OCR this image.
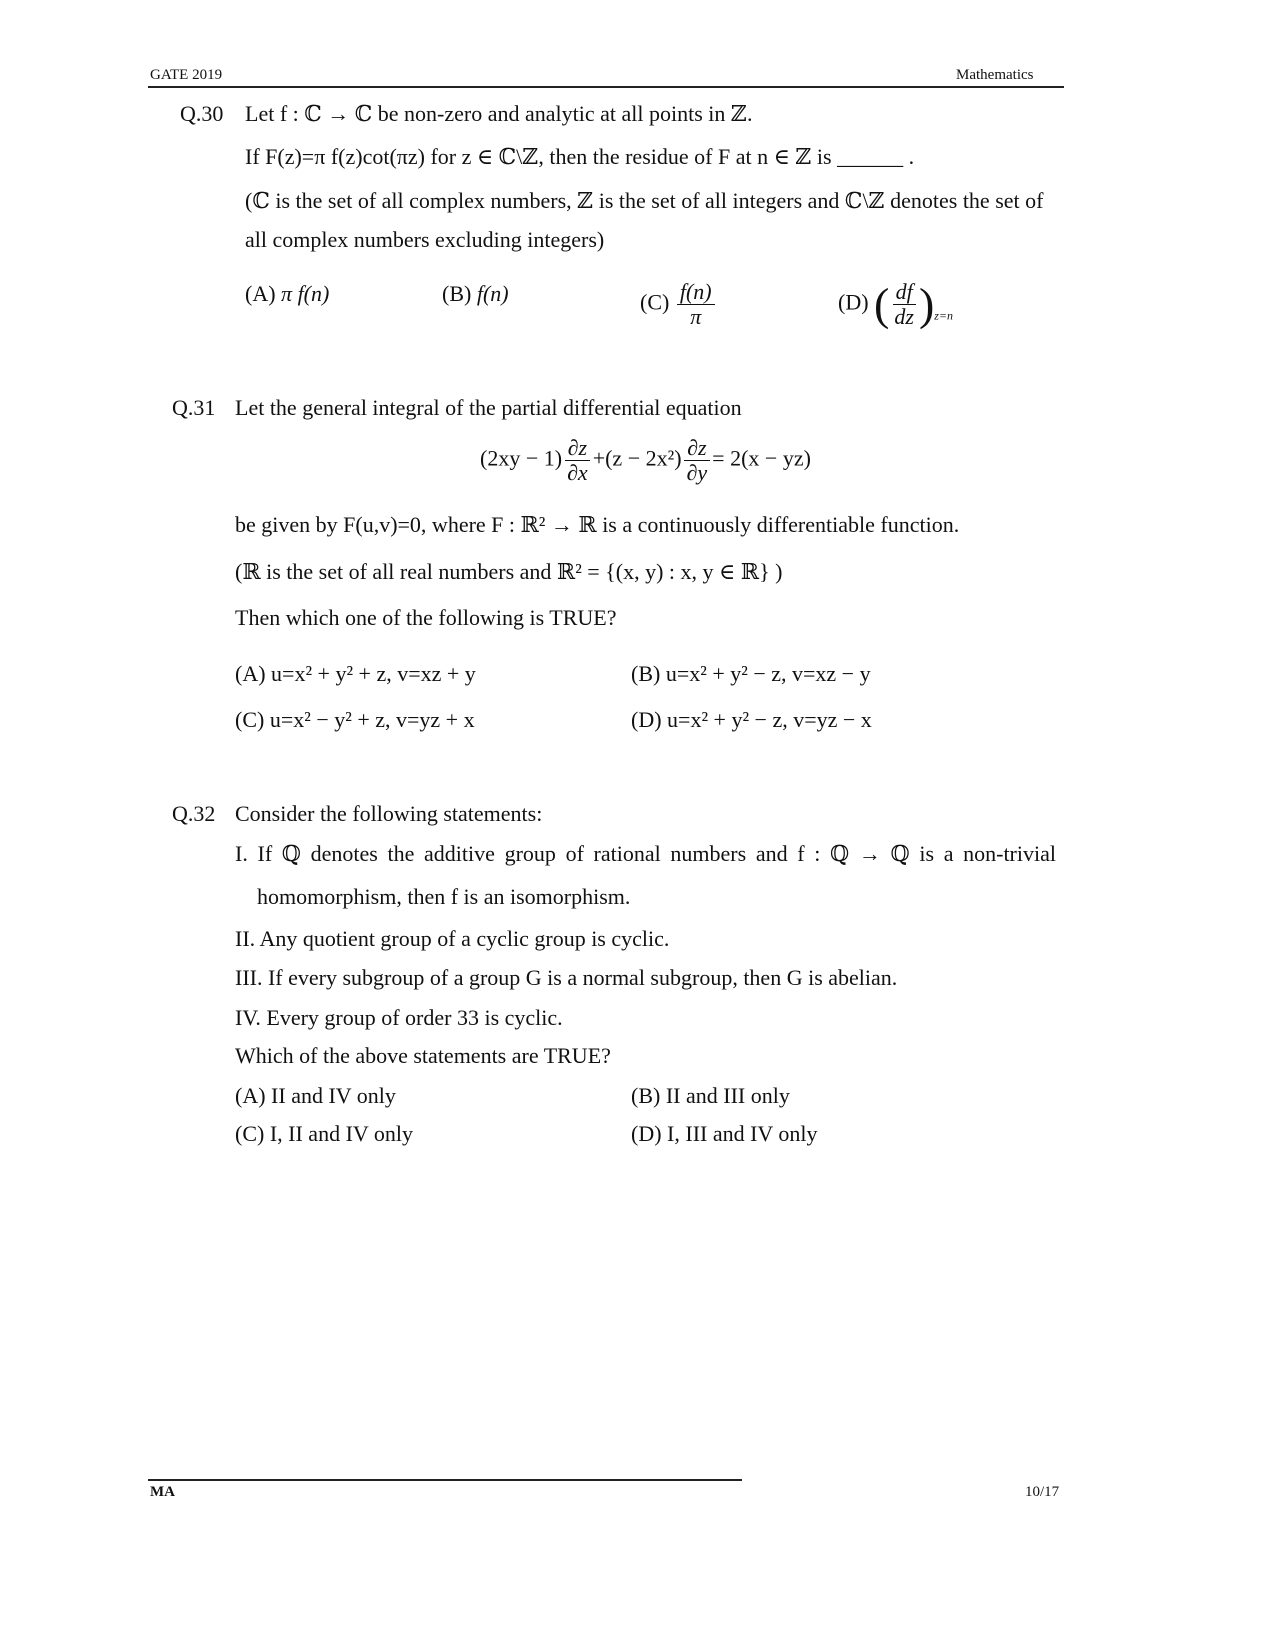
GATE 2019	Mathematics
Q.30 Let f : ℂ → ℂ be non-zero and analytic at all points in ℤ.
If F(z)=π f(z)cot(πz) for z ∈ ℂ\ℤ, then the residue of F at n ∈ ℤ is ______ .
(ℂ is the set of all complex numbers, ℤ is the set of all integers and ℂ\ℤ denotes the set of
all complex numbers excluding integers)
(A) π f(n)	(B) f(n)	$(C) \frac{f(n)}{\pi}$	(D) ( $\frac{df}{dz} )_{z=n}$
Q.31 Let the general integral of the partial differential equation
$(2xy - 1) \frac{\partial z}{\partial x} +(z - 2x^2) \frac{\partial z}{\partial y} = 2(x - yz)$
be given by F(u,v)=0, where F : ℝ² → ℝ is a continuously differentiable function.
(ℝ is the set of all real numbers and ℝ² = {(x, y) : x, y ∈ ℝ} )
Then which one of the following is TRUE?
(A) u=x² + y² + z, v=xz + y	(B) u=x² + y² − z, v=xz − y
(C) u=x² − y² + z, v=yz + x	(D) u=x² + y² − z, v=yz − x
Q.32 Consider the following statements:
I. If ℚ denotes the additive group of rational numbers and f : ℚ → ℚ is a non-trivial
homomorphism, then f is an isomorphism.
II. Any quotient group of a cyclic group is cyclic.
III. If every subgroup of a group G is a normal subgroup, then G is abelian.
IV. Every group of order 33 is cyclic.
Which of the above statements are TRUE?
(A) II and IV only	(B) II and III only
(C) I, II and IV only	(D) I, III and IV only
MA	10/17
